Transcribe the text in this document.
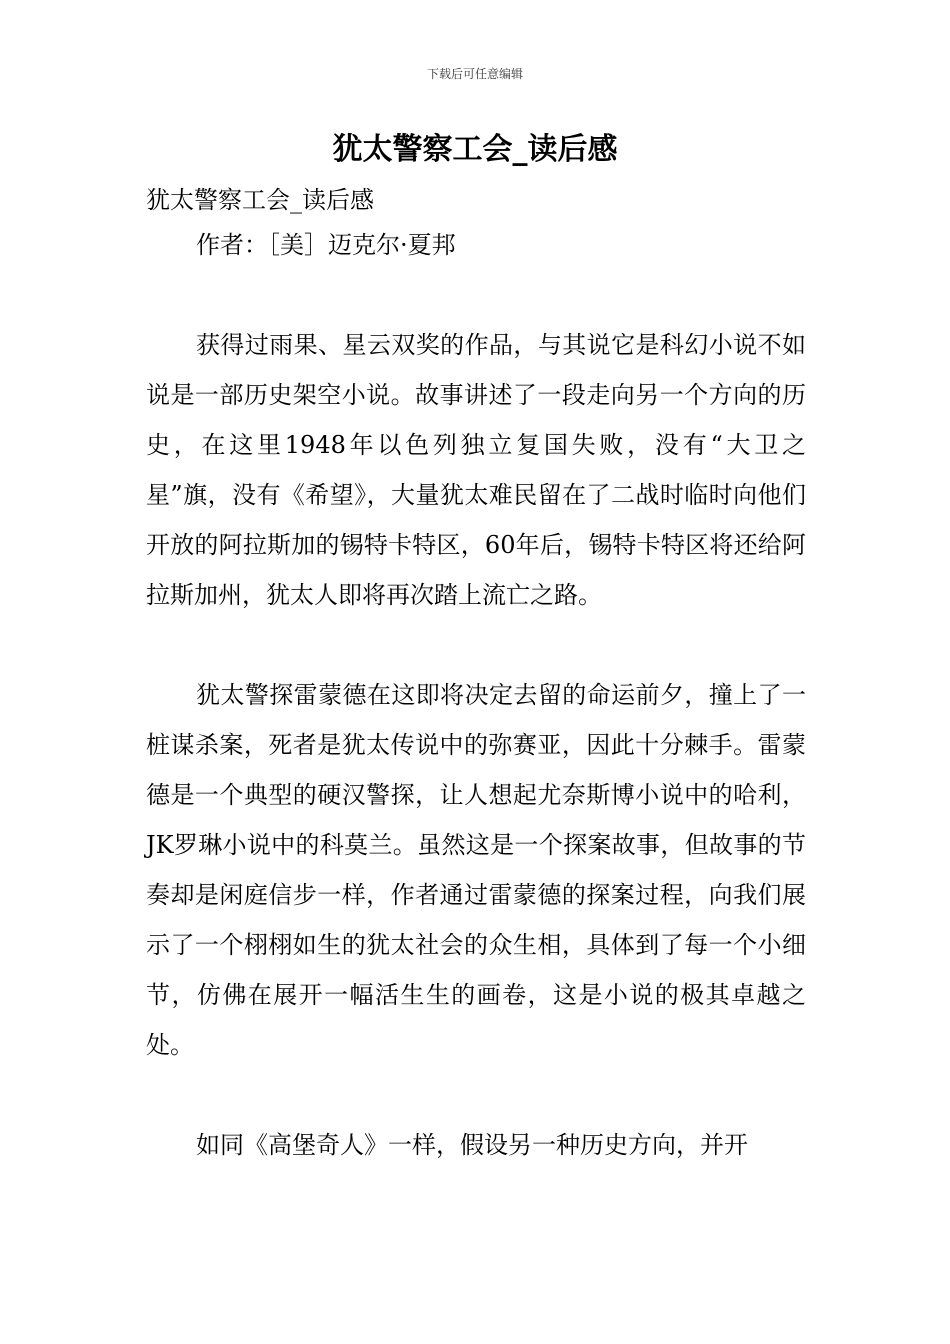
下载后可任意编辑
犹太警察工会_读后感

犹太警察工会_读后感

作者：［美］迈克尔·夏邦

获得过雨果、星云双奖的作品，与其说它是科幻小说不如说是一部历史架空小说。故事讲述了一段走向另一个方向的历史，在这里1948年以色列独立复国失败，没有“大卫之星”旗，没有《希望》，大量犹太难民留在了二战时临时向他们开放的阿拉斯加的锡特卡特区，60年后，锡特卡特区将还给阿拉斯加州，犹太人即将再次踏上流亡之路。

犹太警探雷蒙德在这即将决定去留的命运前夕，撞上了一桩谋杀案，死者是犹太传说中的弥赛亚，因此十分棘手。雷蒙德是一个典型的硬汉警探，让人想起尤奈斯博小说中的哈利，JK罗琳小说中的科莫兰。虽然这是一个探案故事，但故事的节奏却是闲庭信步一样，作者通过雷蒙德的探案过程，向我们展示了一个栩栩如生的犹太社会的众生相，具体到了每一个小细节，仿佛在展开一幅活生生的画卷，这是小说的极其卓越之处。

如同《高堡奇人》一样，假设另一种历史方向，并开
